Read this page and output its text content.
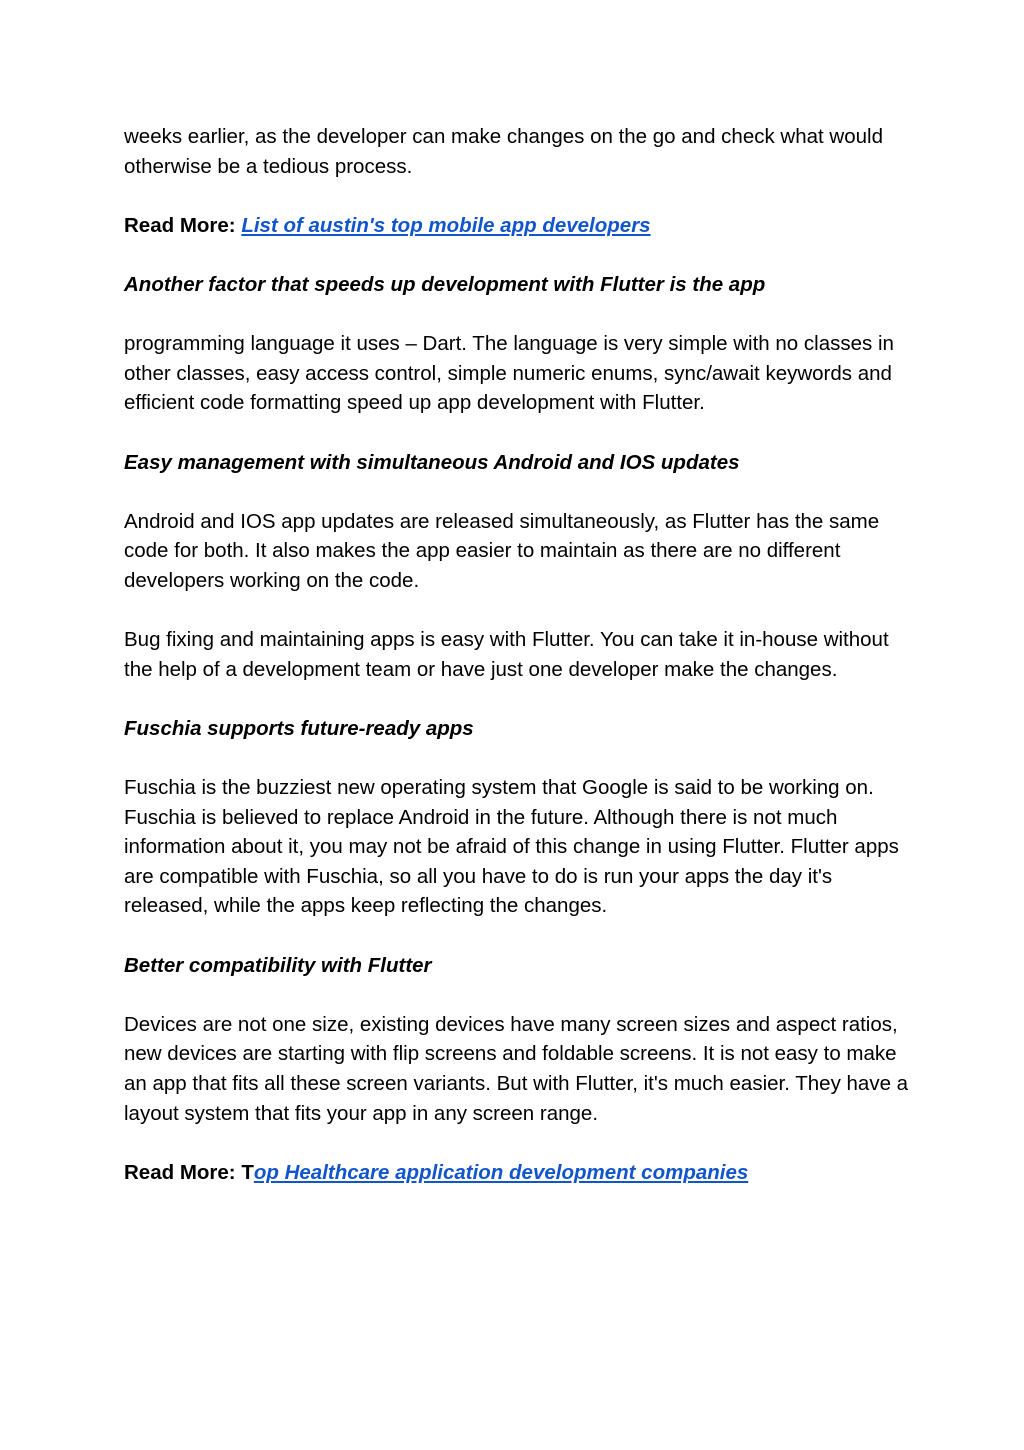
weeks earlier, as the developer can make changes on the go and check what would otherwise be a tedious process.

Read More: List of austin's top mobile app developers

Another factor that speeds up development with Flutter is the app

programming language it uses – Dart. The language is very simple with no classes in other classes, easy access control, simple numeric enums, sync/await keywords and efficient code formatting speed up app development with Flutter.

Easy management with simultaneous Android and IOS updates

Android and IOS app updates are released simultaneously, as Flutter has the same code for both. It also makes the app easier to maintain as there are no different developers working on the code.

Bug fixing and maintaining apps is easy with Flutter. You can take it in-house without the help of a development team or have just one developer make the changes.

Fuschia supports future-ready apps

Fuschia is the buzziest new operating system that Google is said to be working on. Fuschia is believed to replace Android in the future. Although there is not much information about it, you may not be afraid of this change in using Flutter. Flutter apps are compatible with Fuschia, so all you have to do is run your apps the day it's released, while the apps keep reflecting the changes.

Better compatibility with Flutter

Devices are not one size, existing devices have many screen sizes and aspect ratios, new devices are starting with flip screens and foldable screens. It is not easy to make an app that fits all these screen variants. But with Flutter, it's much easier. They have a layout system that fits your app in any screen range.

Read More: Top Healthcare application development companies
